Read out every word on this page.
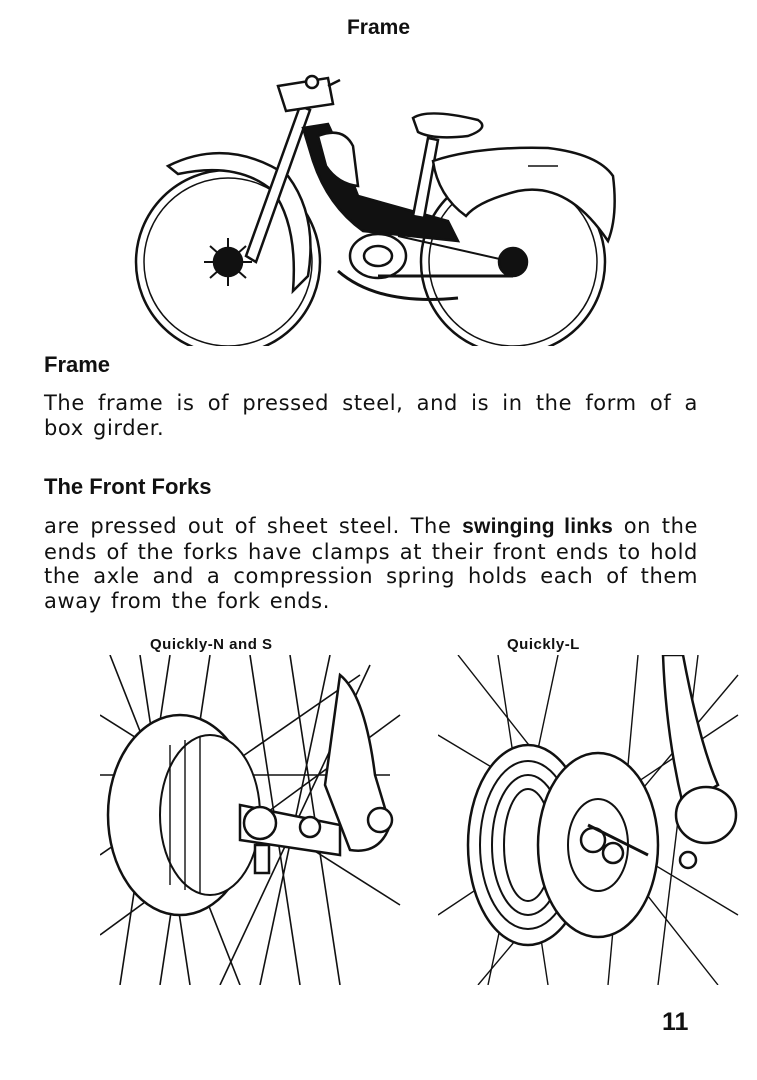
Frame
Frame
The frame is of pressed steel, and is in the form of a box girder.
The Front Forks
are pressed out of sheet steel. The swinging links on the ends of the forks have clamps at their front ends to hold the axle and a compression spring holds each of them away from the fork ends.
Quickly-N and S	Quickly-L
11
